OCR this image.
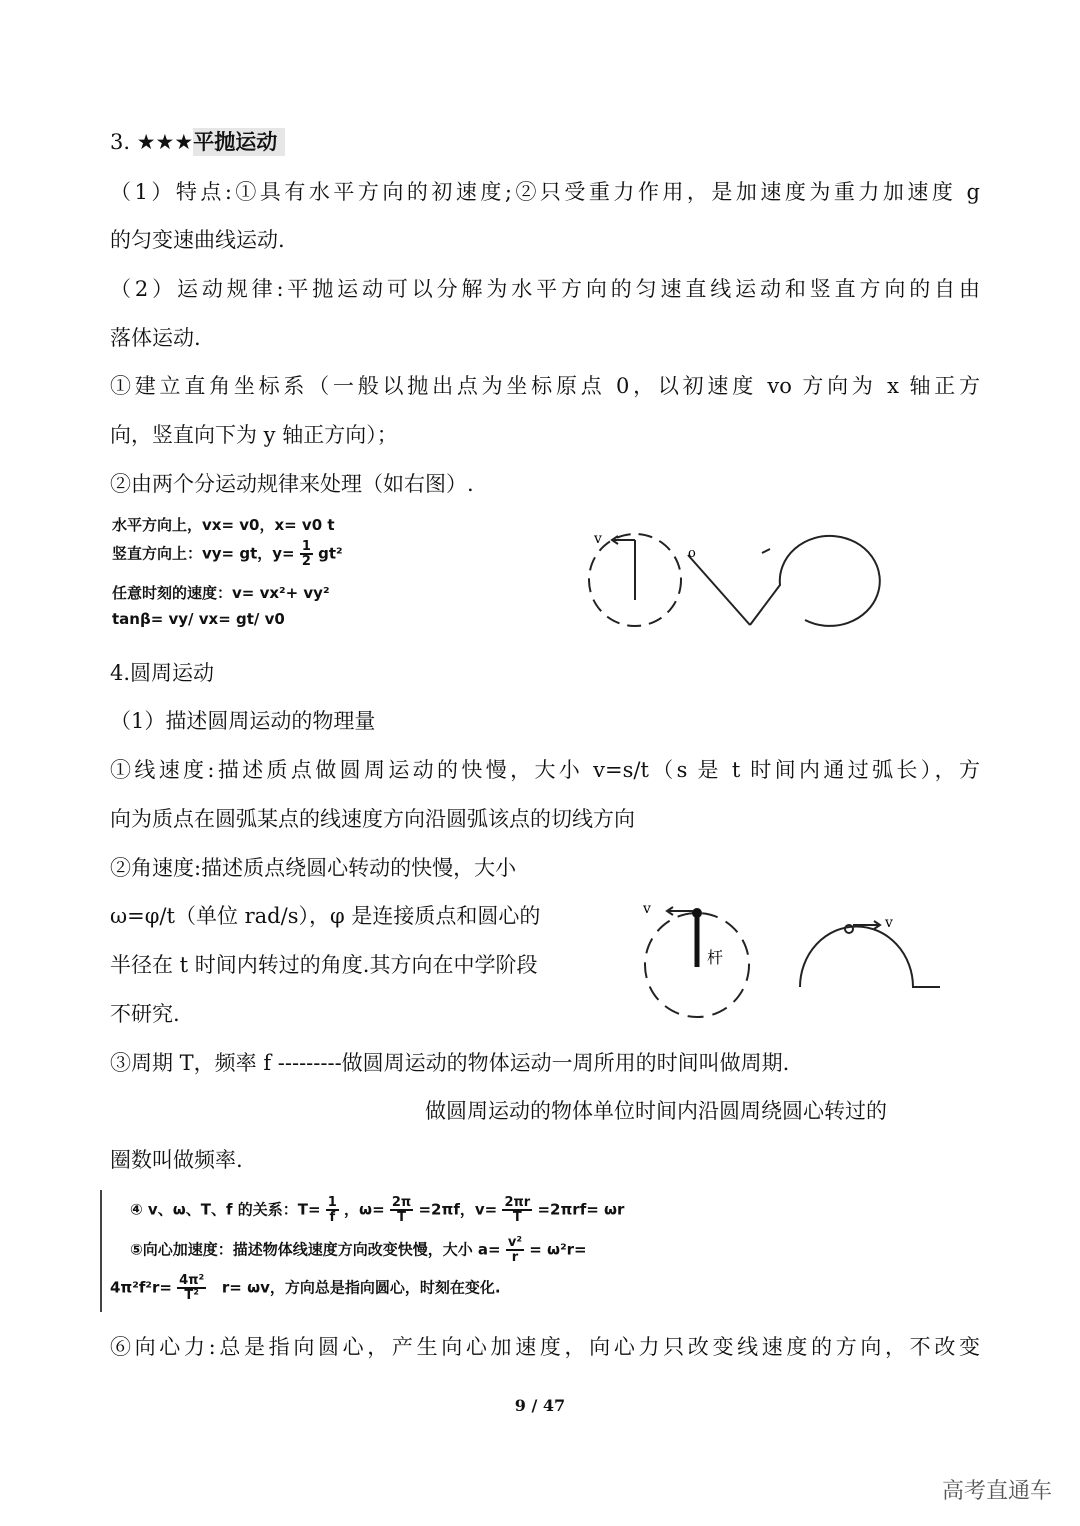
3. ★★★平抛运动
（1）特点:①具有水平方向的初速度;②只受重力作用，是加速度为重力加速度 g
的匀变速曲线运动.
（2）运动规律:平抛运动可以分解为水平方向的匀速直线运动和竖直方向的自由
落体运动.
①建立直角坐标系（一般以抛出点为坐标原点 0，以初速度 vo 方向为 x 轴正方
向，竖直向下为 y 轴正方向）；
②由两个分运动规律来处理（如右图）.
水平方向上，vx= v0，x= v0 t
竖直方向上：vy= gt，$y= \frac{1}{2} gt^2$
任意时刻的速度：v= vx²+ vy²
tanβ= vy/ vx= gt/ v0
v
o
4.圆周运动
（1）描述圆周运动的物理量
①线速度:描述质点做圆周运动的快慢，大小 v=s/t（s 是 t 时间内通过弧长），方
向为质点在圆弧某点的线速度方向沿圆弧该点的切线方向
②角速度:描述质点绕圆心转动的快慢，大小
ω=φ/t（单位 rad/s），φ 是连接质点和圆心的
半径在 t 时间内转过的角度.其方向在中学阶段
不研究.
③周期 T，频率 f ---------做圆周运动的物体运动一周所用的时间叫做周期.
做圆周运动的物体单位时间内沿圆周绕圆心转过的
圈数叫做频率.
v
杆
v
④ v、ω、T、f 的关系：$T= \frac{1}{f}$ ，$\omega= \frac{2\pi}{T} =2\pi f$，$v= \frac{2\pi r}{T} =2\pi rf= \omega r$
⑤向心加速度：描述物体线速度方向改变快慢，大小 $a= \frac{\text{v²}}{r} = \omega^2r=$
$4\pi^2f^2r= \frac{\text{4π²}}{\text{T²}} r= \omega v$，方向总是指向圆心，时刻在变化.
⑥向心力:总是指向圆心，产生向心加速度，向心力只改变线速度的方向，不改变
9 / 47
高考直通车
